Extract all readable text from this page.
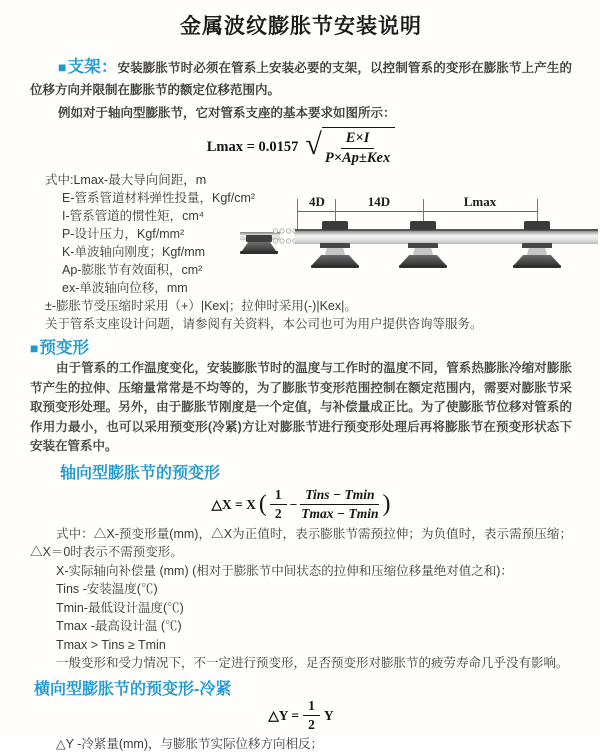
金属波纹膨胀节安装说明

■支架：安装膨胀节时必须在管系上安装必要的支架，以控制管系的变形在膨胀节上产生的位移方向并限制在膨胀节的额定位移范围内。

例如对于轴向型膨胀节，它对管系支座的基本要求如图所示：

Lmax = 0.0157 √ $\frac{E\times I}{\text{P×Ap±Kex}}$
式中:Lmax-最大导向间距，m
E-管系管道材料弹性投量，Kgf/cm²
I-管系管道的惯性矩，cm⁴
P-设计压力，Kgf/mm²
K-单波轴向刚度；Kgf/mm
Ap-膨胀节有效面积，cm²
ex-单波轴向位移，mm
±-膨胀节受压缩时采用（+）|Kex|；拉伸时采用(-)|Kex|。
关于管系支座设计问题，请参阅有关资料，本公司也可为用户提供咨询等服务。
■预变形

由于管系的工作温度变化，安装膨胀节时的温度与工作时的温度不同，管系热膨胀冷缩对膨胀节产生的拉伸、压缩量常常是不均等的，为了膨胀节变形范围控制在额定范围内，需要对膨胀节采取预变形处理。另外，由于膨胀节刚度是一个定值，与补偿量成正比。为了使膨胀节位移对管系的作用力最小，也可以采用预变形(冷紧)方让对膨胀节进行预变形处理后再将膨胀节在预变形状态下安装在管系中。

轴向型膨胀节的预变形
△X = X ( $\frac{1}{2} - \frac{\text{Tins − Tmin}}{Tmax - Tmin}$ )

式中：△X-预变形量(mm)，△X为正值时，表示膨胀节需预拉伸；为负值时，表示需预压缩；△X＝0时表示不需预变形。

X-实际轴向补偿量 (mm) (相对于膨胀节中间状态的拉伸和压缩位移量绝对值之和)：

Tins -安装温度(℃)

Tmin-最低设计温度(℃)

Tmax -最高设计温 (℃)

Tmax > Tins ≥ Tmin

一般变形和受力情况下，不一定进行预变形，足否预变形对膨胀节的疲劳寿命几乎没有影响。

横向型膨胀节的预变形-冷紧
△Y = $\frac{1}{2}$ Y

△Y -冷紧量(mm)，与膨胀节实际位移方向相反；

4D	14D	Lmax
